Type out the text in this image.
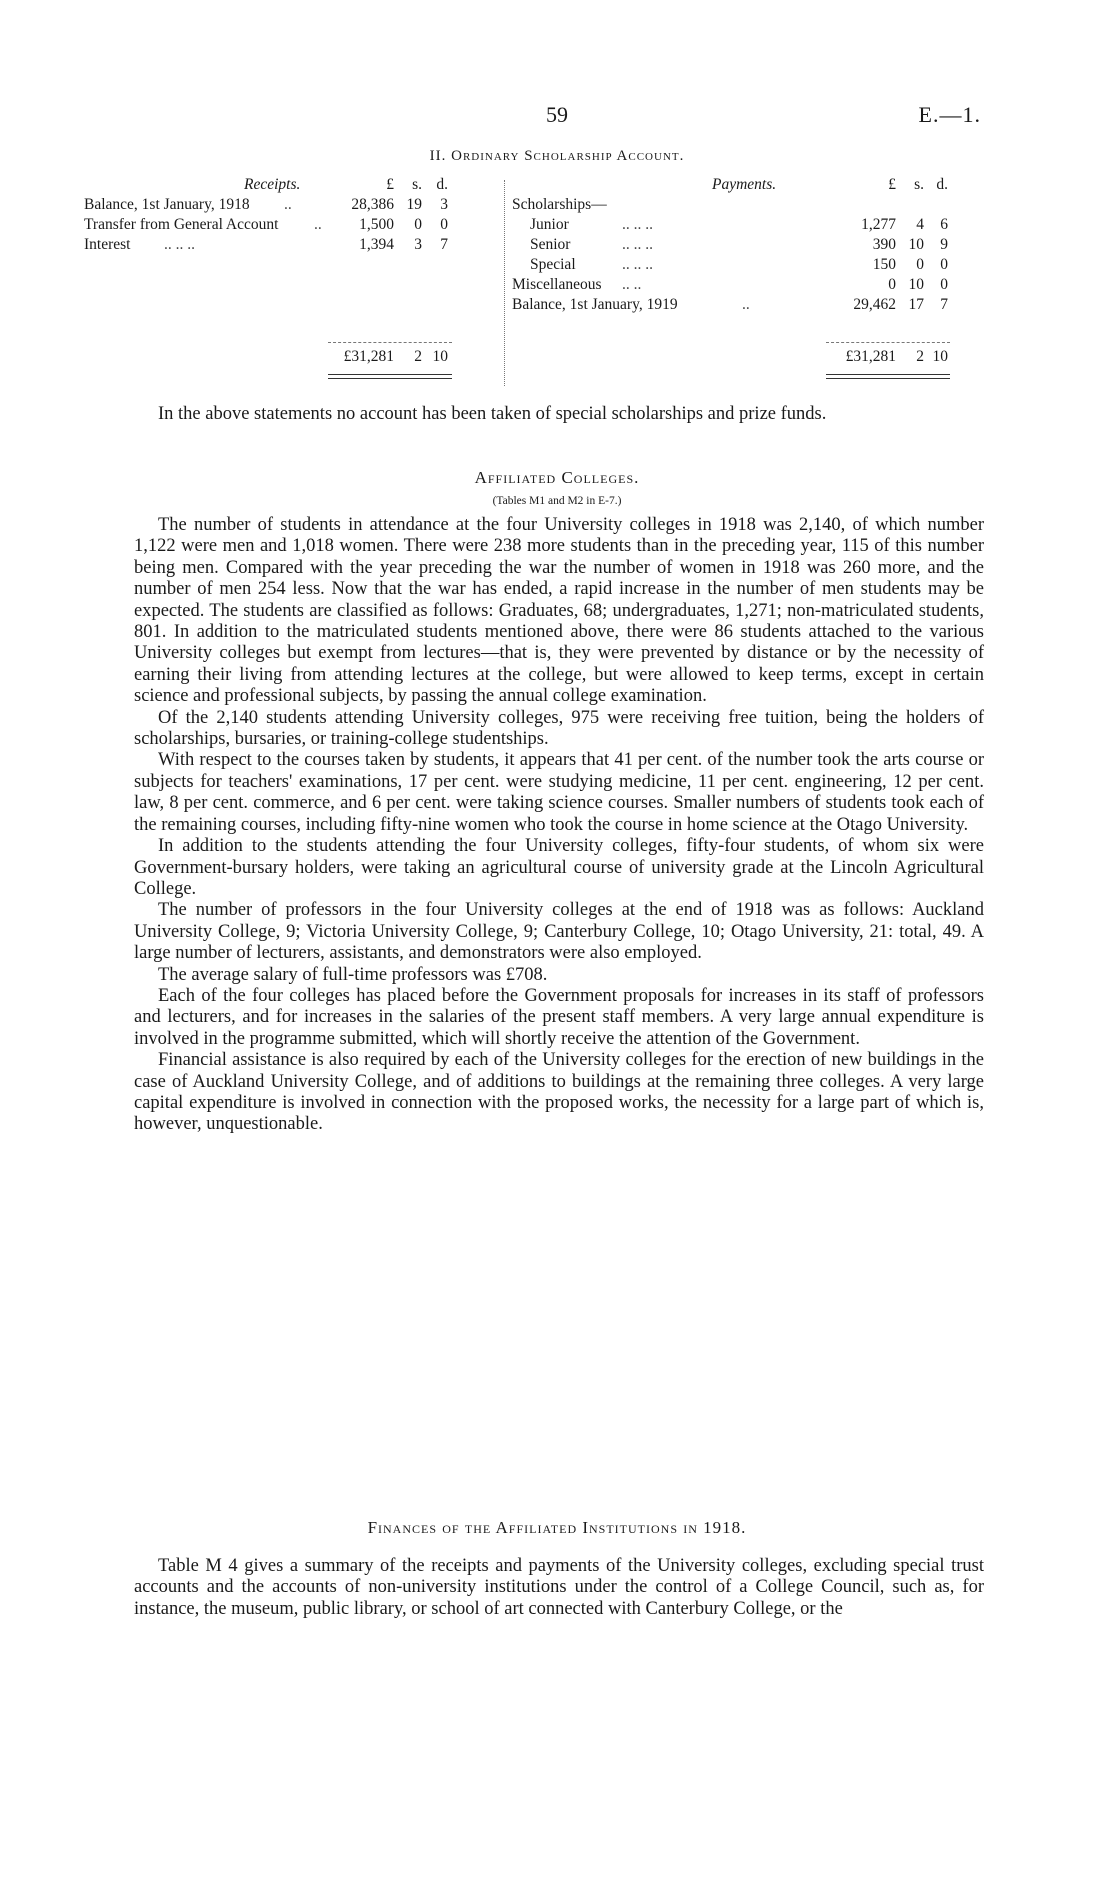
59	E.—1.
II. Ordinary Scholarship Account.
Receipts.	£	s. d.
Balance, 1st January, 1918 ..	28,386 19	3
Transfer from General Account ..	1,500	0	0
Interest .. .. ..	1,394	3	7
£31,281	2 10
Payments.	£	s. d.
Scholarships—
Junior	.. .. ..	1,277	4	6
Senior	.. .. ..	390 10	9
Special	.. .. ..	150	0	0
Miscellaneous .. ..	0 10	0
Balance, 1st January, 1919	..	29,462 17	7
£31,281	2 10

In the above statements no account has been taken of special scholarships and prize funds.

Affiliated Colleges.
(Tables M1 and M2 in E-7.)

The number of students in attendance at the four University colleges in 1918 was 2,140, of which number 1,122 were men and 1,018 women. There were 238 more students than in the preceding year, 115 of this number being men. Compared with the year preceding the war the number of women in 1918 was 260 more, and the number of men 254 less. Now that the war has ended, a rapid increase in the number of men students may be expected. The students are classified as follows: Graduates, 68; undergraduates, 1,271; non-matriculated students, 801. In addition to the matriculated students mentioned above, there were 86 students attached to the various University colleges but exempt from lectures—that is, they were prevented by distance or by the necessity of earning their living from attending lectures at the college, but were allowed to keep terms, except in certain science and professional subjects, by passing the annual college examination.

Of the 2,140 students attending University colleges, 975 were receiving free tuition, being the holders of scholarships, bursaries, or training-college studentships.

With respect to the courses taken by students, it appears that 41 per cent. of the number took the arts course or subjects for teachers' examinations, 17 per cent. were studying medicine, 11 per cent. engineering, 12 per cent. law, 8 per cent. commerce, and 6 per cent. were taking science courses. Smaller numbers of students took each of the remaining courses, including fifty-nine women who took the course in home science at the Otago University.

In addition to the students attending the four University colleges, fifty-four students, of whom six were Government-bursary holders, were taking an agricultural course of university grade at the Lincoln Agricultural College.

The number of professors in the four University colleges at the end of 1918 was as follows: Auckland University College, 9; Victoria University College, 9; Canterbury College, 10; Otago University, 21: total, 49. A large number of lecturers, assistants, and demonstrators were also employed.

The average salary of full-time professors was £708.

Each of the four colleges has placed before the Government proposals for increases in its staff of professors and lecturers, and for increases in the salaries of the present staff members. A very large annual expenditure is involved in the programme submitted, which will shortly receive the attention of the Government.

Financial assistance is also required by each of the University colleges for the erection of new buildings in the case of Auckland University College, and of additions to buildings at the remaining three colleges. A very large capital expenditure is involved in connection with the proposed works, the necessity for a large part of which is, however, unquestionable.

Finances of the Affiliated Institutions in 1918.

Table M 4 gives a summary of the receipts and payments of the University colleges, excluding special trust accounts and the accounts of non-university institutions under the control of a College Council, such as, for instance, the museum, public library, or school of art connected with Canterbury College, or the
